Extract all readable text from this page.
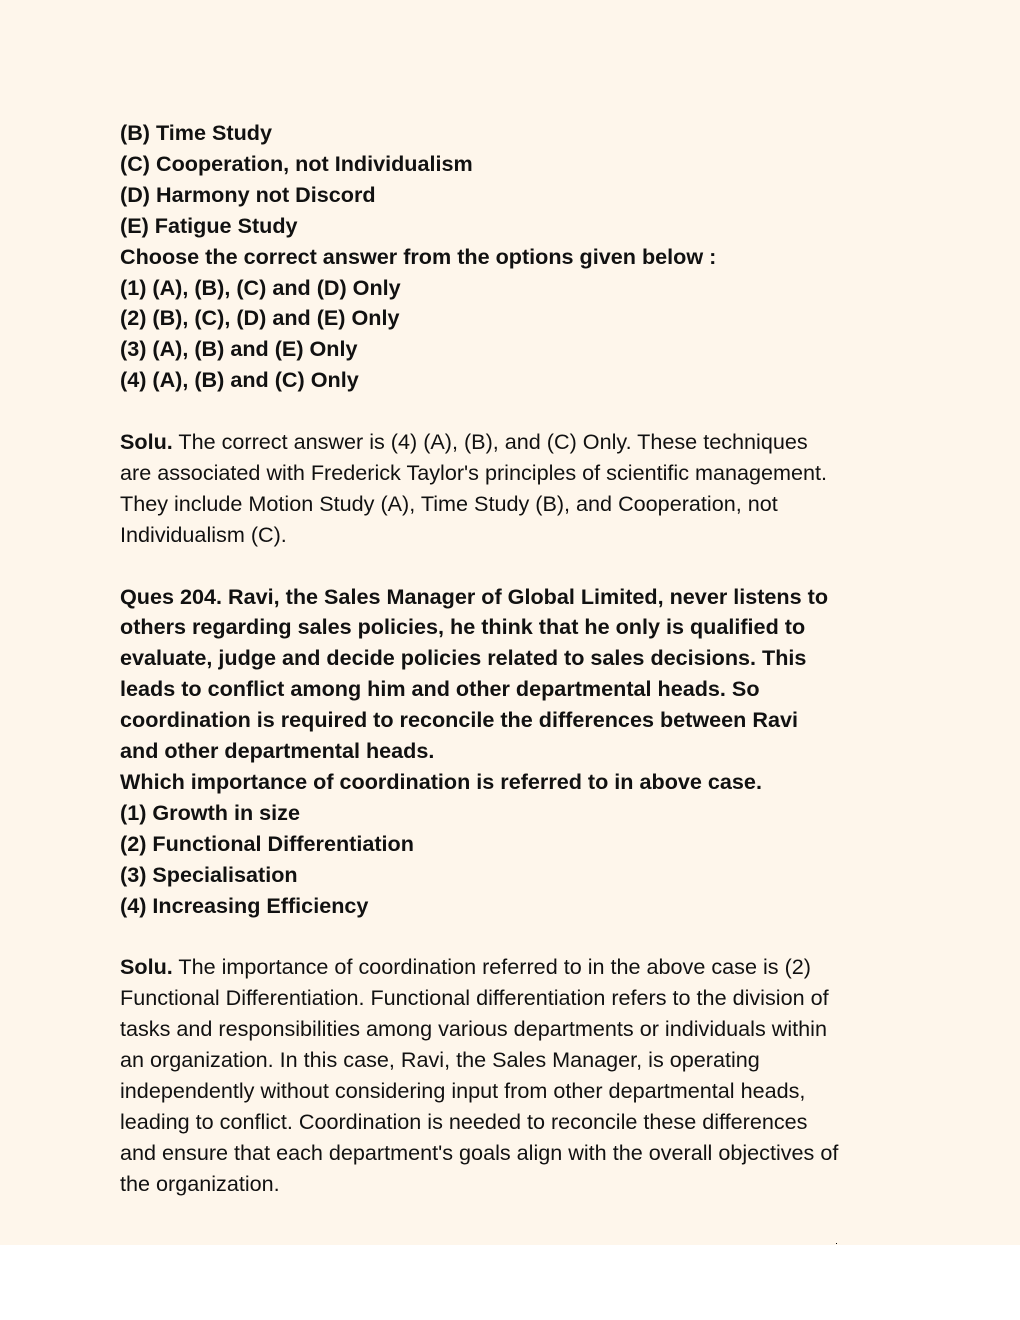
(B) Time Study
(C) Cooperation, not Individualism
(D) Harmony not Discord
(E) Fatigue Study
Choose the correct answer from the options given below :
(1) (A), (B), (C) and (D) Only
(2) (B), (C), (D) and (E) Only
(3) (A), (B) and (E) Only
(4) (A), (B) and (C) Only
Solu. The correct answer is (4) (A), (B), and (C) Only. These techniques
are associated with Frederick Taylor's principles of scientific management.
They include Motion Study (A), Time Study (B), and Cooperation, not
Individualism (C).
Ques 204. Ravi, the Sales Manager of Global Limited, never listens to
others regarding sales policies, he think that he only is qualified to
evaluate, judge and decide policies related to sales decisions. This
leads to conflict among him and other departmental heads. So
coordination is required to reconcile the differences between Ravi
and other departmental heads.
Which importance of coordination is referred to in above case.
(1) Growth in size
(2) Functional Differentiation
(3) Specialisation
(4) Increasing Efficiency
Solu. The importance of coordination referred to in the above case is (2)
Functional Differentiation. Functional differentiation refers to the division of
tasks and responsibilities among various departments or individuals within
an organization. In this case, Ravi, the Sales Manager, is operating
independently without considering input from other departmental heads,
leading to conflict. Coordination is needed to reconcile these differences
and ensure that each department's goals align with the overall objectives of
the organization.
